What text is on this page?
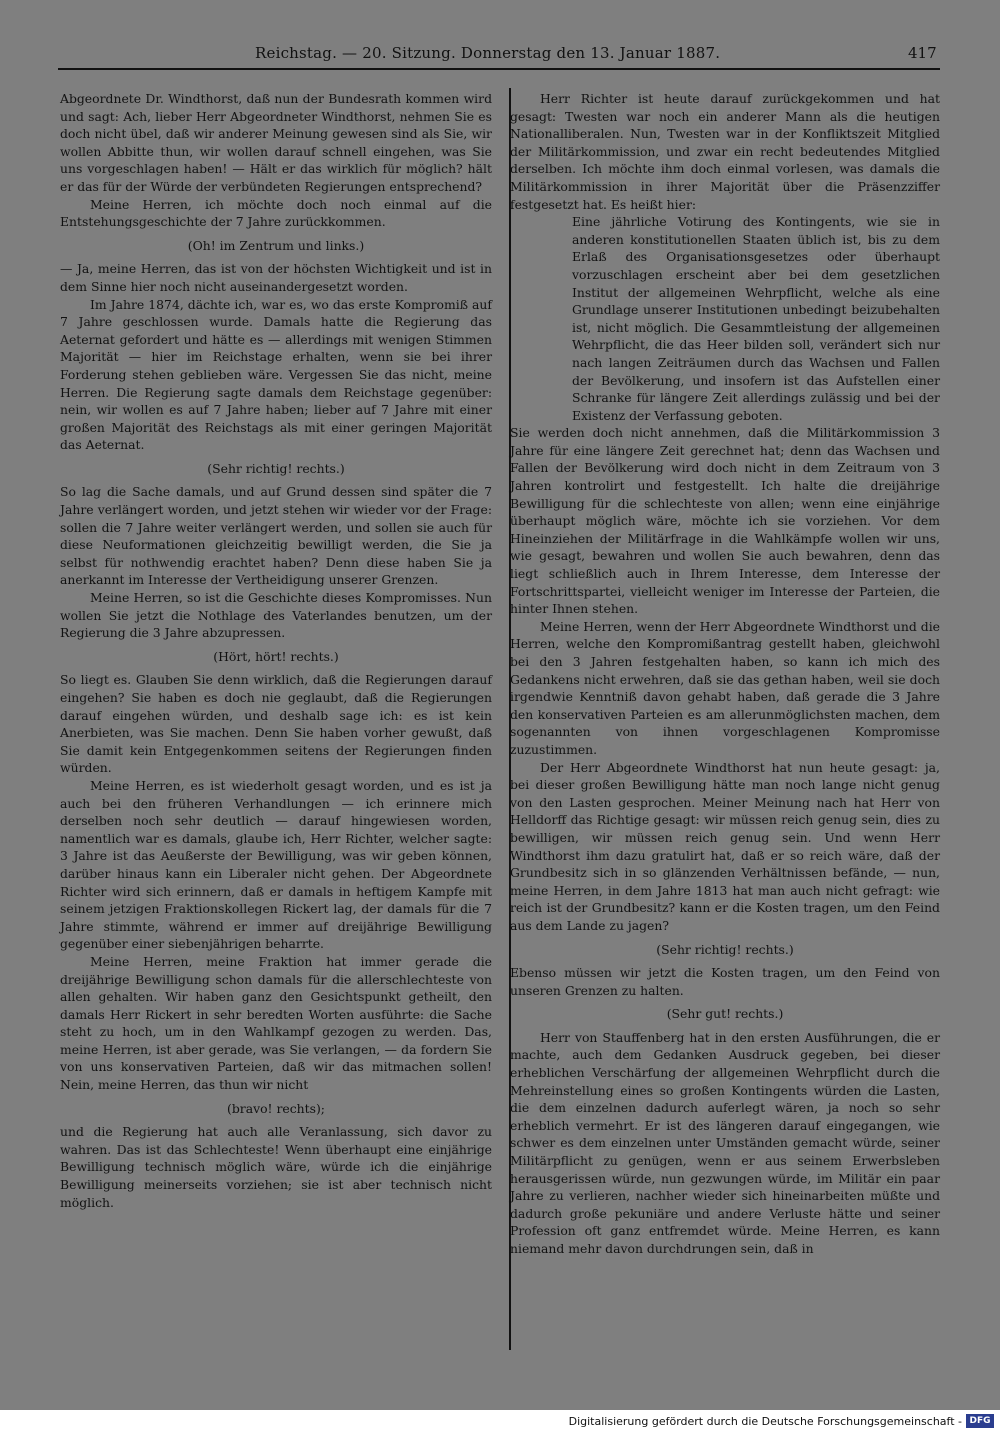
Reichstag. — 20. Sitzung. Donnerstag den 13. Januar 1887.	417

Abgeordnete Dr. Windthorst, daß nun der Bundesrath kommen wird und sagt: Ach, lieber Herr Abgeordneter Windthorst, nehmen Sie es doch nicht übel, daß wir anderer Meinung gewesen sind als Sie, wir wollen Abbitte thun, wir wollen darauf schnell eingehen, was Sie uns vorgeschlagen haben! — Hält er das wirklich für möglich? hält er das für der Würde der verbündeten Regierungen entsprechend?

Meine Herren, ich möchte doch noch einmal auf die Entstehungsgeschichte der 7 Jahre zurückkommen.

(Oh! im Zentrum und links.)

— Ja, meine Herren, das ist von der höchsten Wichtigkeit und ist in dem Sinne hier noch nicht auseinandergesetzt worden.

Im Jahre 1874, dächte ich, war es, wo das erste Kompromiß auf 7 Jahre geschlossen wurde. Damals hatte die Regierung das Aeternat gefordert und hätte es — allerdings mit wenigen Stimmen Majorität — hier im Reichstage erhalten, wenn sie bei ihrer Forderung stehen geblieben wäre. Vergessen Sie das nicht, meine Herren. Die Regierung sagte damals dem Reichstage gegenüber: nein, wir wollen es auf 7 Jahre haben; lieber auf 7 Jahre mit einer großen Majorität des Reichstags als mit einer geringen Majorität das Aeternat.

(Sehr richtig! rechts.)

So lag die Sache damals, und auf Grund dessen sind später die 7 Jahre verlängert worden, und jetzt stehen wir wieder vor der Frage: sollen die 7 Jahre weiter verlängert werden, und sollen sie auch für diese Neuformationen gleichzeitig bewilligt werden, die Sie ja selbst für nothwendig erachtet haben? Denn diese haben Sie ja anerkannt im Interesse der Vertheidigung unserer Grenzen.

Meine Herren, so ist die Geschichte dieses Kompromisses. Nun wollen Sie jetzt die Nothlage des Vaterlandes benutzen, um der Regierung die 3 Jahre abzupressen.

(Hört, hört! rechts.)

So liegt es. Glauben Sie denn wirklich, daß die Regierungen darauf eingehen? Sie haben es doch nie geglaubt, daß die Regierungen darauf eingehen würden, und deshalb sage ich: es ist kein Anerbieten, was Sie machen. Denn Sie haben vorher gewußt, daß Sie damit kein Entgegenkommen seitens der Regierungen finden würden.

Meine Herren, es ist wiederholt gesagt worden, und es ist ja auch bei den früheren Verhandlungen — ich erinnere mich derselben noch sehr deutlich — darauf hingewiesen worden, namentlich war es damals, glaube ich, Herr Richter, welcher sagte: 3 Jahre ist das Aeußerste der Bewilligung, was wir geben können, darüber hinaus kann ein Liberaler nicht gehen. Der Abgeordnete Richter wird sich erinnern, daß er damals in heftigem Kampfe mit seinem jetzigen Fraktionskollegen Rickert lag, der damals für die 7 Jahre stimmte, während er immer auf dreijährige Bewilligung gegenüber einer siebenjährigen beharrte.

Meine Herren, meine Fraktion hat immer gerade die dreijährige Bewilligung schon damals für die allerschlechteste von allen gehalten. Wir haben ganz den Gesichtspunkt getheilt, den damals Herr Rickert in sehr beredten Worten ausführte: die Sache steht zu hoch, um in den Wahlkampf gezogen zu werden. Das, meine Herren, ist aber gerade, was Sie verlangen, — da fordern Sie von uns konservativen Parteien, daß wir das mitmachen sollen! Nein, meine Herren, das thun wir nicht

(bravo! rechts);

und die Regierung hat auch alle Veranlassung, sich davor zu wahren. Das ist das Schlechteste! Wenn überhaupt eine einjährige Bewilligung technisch möglich wäre, würde ich die einjährige Bewilligung meinerseits vorziehen; sie ist aber technisch nicht möglich.

Herr Richter ist heute darauf zurückgekommen und hat gesagt: Twesten war noch ein anderer Mann als die heutigen Nationalliberalen. Nun, Twesten war in der Konfliktszeit Mitglied der Militärkommission, und zwar ein recht bedeutendes Mitglied derselben. Ich möchte ihm doch einmal vorlesen, was damals die Militärkommission in ihrer Majorität über die Präsenzziffer festgesetzt hat. Es heißt hier:

Eine jährliche Votirung des Kontingents, wie sie in anderen konstitutionellen Staaten üblich ist, bis zu dem Erlaß des Organisationsgesetzes oder überhaupt vorzuschlagen erscheint aber bei dem gesetzlichen Institut der allgemeinen Wehrpflicht, welche als eine Grundlage unserer Institutionen unbedingt beizubehalten ist, nicht möglich. Die Gesammtleistung der allgemeinen Wehrpflicht, die das Heer bilden soll, verändert sich nur nach langen Zeiträumen durch das Wachsen und Fallen der Bevölkerung, und insofern ist das Aufstellen einer Schranke für längere Zeit allerdings zulässig und bei der Existenz der Verfassung geboten.

Sie werden doch nicht annehmen, daß die Militärkommission 3 Jahre für eine längere Zeit gerechnet hat; denn das Wachsen und Fallen der Bevölkerung wird doch nicht in dem Zeitraum von 3 Jahren kontrolirt und festgestellt. Ich halte die dreijährige Bewilligung für die schlechteste von allen; wenn eine einjährige überhaupt möglich wäre, möchte ich sie vorziehen. Vor dem Hineinziehen der Militärfrage in die Wahlkämpfe wollen wir uns, wie gesagt, bewahren und wollen Sie auch bewahren, denn das liegt schließlich auch in Ihrem Interesse, dem Interesse der Fortschrittspartei, vielleicht weniger im Interesse der Parteien, die hinter Ihnen stehen.

Meine Herren, wenn der Herr Abgeordnete Windthorst und die Herren, welche den Kompromißantrag gestellt haben, gleichwohl bei den 3 Jahren festgehalten haben, so kann ich mich des Gedankens nicht erwehren, daß sie das gethan haben, weil sie doch irgendwie Kenntniß davon gehabt haben, daß gerade die 3 Jahre den konservativen Parteien es am allerunmöglichsten machen, dem sogenannten von ihnen vorgeschlagenen Kompromisse zuzustimmen.

Der Herr Abgeordnete Windthorst hat nun heute gesagt: ja, bei dieser großen Bewilligung hätte man noch lange nicht genug von den Lasten gesprochen. Meiner Meinung nach hat Herr von Helldorff das Richtige gesagt: wir müssen reich genug sein, dies zu bewilligen, wir müssen reich genug sein. Und wenn Herr Windthorst ihm dazu gratulirt hat, daß er so reich wäre, daß der Grundbesitz sich in so glänzenden Verhältnissen befände, — nun, meine Herren, in dem Jahre 1813 hat man auch nicht gefragt: wie reich ist der Grundbesitz? kann er die Kosten tragen, um den Feind aus dem Lande zu jagen?

(Sehr richtig! rechts.)

Ebenso müssen wir jetzt die Kosten tragen, um den Feind von unseren Grenzen zu halten.

(Sehr gut! rechts.)

Herr von Stauffenberg hat in den ersten Ausführungen, die er machte, auch dem Gedanken Ausdruck gegeben, bei dieser erheblichen Verschärfung der allgemeinen Wehrpflicht durch die Mehreinstellung eines so großen Kontingents würden die Lasten, die dem einzelnen dadurch auferlegt wären, ja noch so sehr erheblich vermehrt. Er ist des längeren darauf eingegangen, wie schwer es dem einzelnen unter Umständen gemacht würde, seiner Militärpflicht zu genügen, wenn er aus seinem Erwerbsleben herausgerissen würde, nun gezwungen würde, im Militär ein paar Jahre zu verlieren, nachher wieder sich hineinarbeiten müßte und dadurch große pekuniäre und andere Verluste hätte und seiner Profession oft ganz entfremdet würde. Meine Herren, es kann niemand mehr davon durchdrungen sein, daß in

Digitalisierung gefördert durch die Deutsche Forschungsgemeinschaft - DFG
